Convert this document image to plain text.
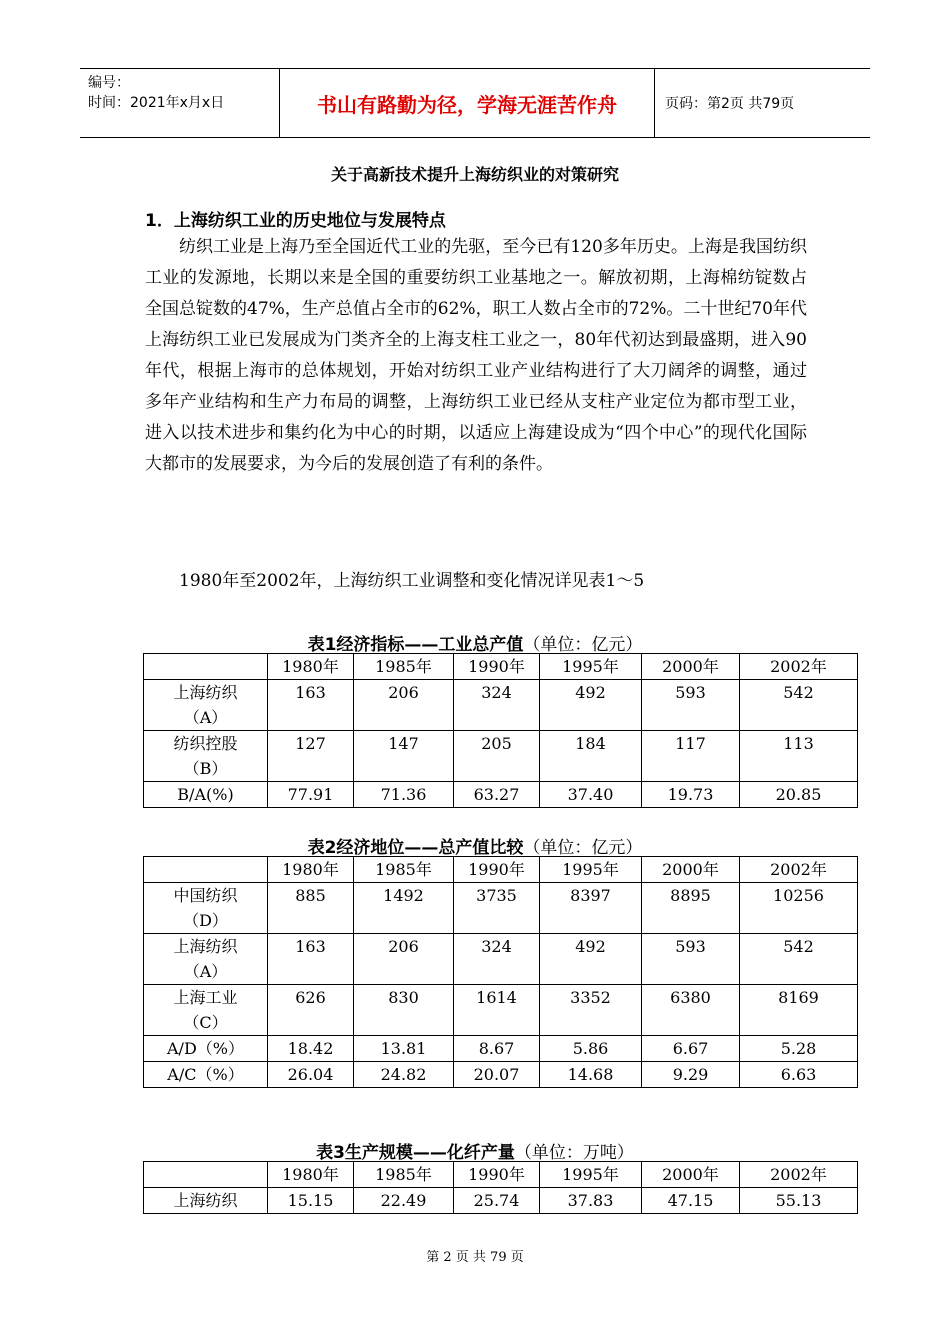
编号：
时间：2021年x月x日	书山有路勤为径，学海无涯苦作舟	页码：第2页 共79页
关于高新技术提升上海纺织业的对策研究
1．上海纺织工业的历史地位与发展特点

纺织工业是上海乃至全国近代工业的先驱，至今已有120多年历史。上海是我国纺织工业的发源地，长期以来是全国的重要纺织工业基地之一。解放初期，上海棉纺锭数占全国总锭数的47%，生产总值占全市的62%，职工人数占全市的72%。二十世纪70年代上海纺织工业已发展成为门类齐全的上海支柱工业之一，80年代初达到最盛期，进入90年代，根据上海市的总体规划，开始对纺织工业产业结构进行了大刀阔斧的调整，通过多年产业结构和生产力布局的调整，上海纺织工业已经从支柱产业定位为都市型工业，进入以技术进步和集约化为中心的时期，以适应上海建设成为“四个中心”的现代化国际大都市的发展要求，为今后的发展创造了有利的条件。

1980年至2002年，上海纺织工业调整和变化情况详见表1～5

表1经济指标——工业总产值（单位：亿元）
	1980年	1985年	1990年	1995年	2000年	2002年

上海纺织
（A）	163	206	324	492	593	542

纺织控股
（B）	127	147	205	184	117	113
B/A(%)	77.91	71.36	63.27	37.40	19.73	20.85
表2经济地位——总产值比较（单位：亿元）
	1980年	1985年	1990年	1995年	2000年	2002年

中国纺织
（D）	885	1492	3735	8397	8895	10256

上海纺织
（A）	163	206	324	492	593	542

上海工业
（C）	626	830	1614	3352	6380	8169
A/D（%）	18.42	13.81	8.67	5.86	6.67	5.28
A/C（%）	26.04	24.82	20.07	14.68	9.29	6.63
表3生产规模——化纤产量（单位：万吨）
	1980年	1985年	1990年	1995年	2000年	2002年
上海纺织	15.15	22.49	25.74	37.83	47.15	55.13
第 2 页 共 79 页
